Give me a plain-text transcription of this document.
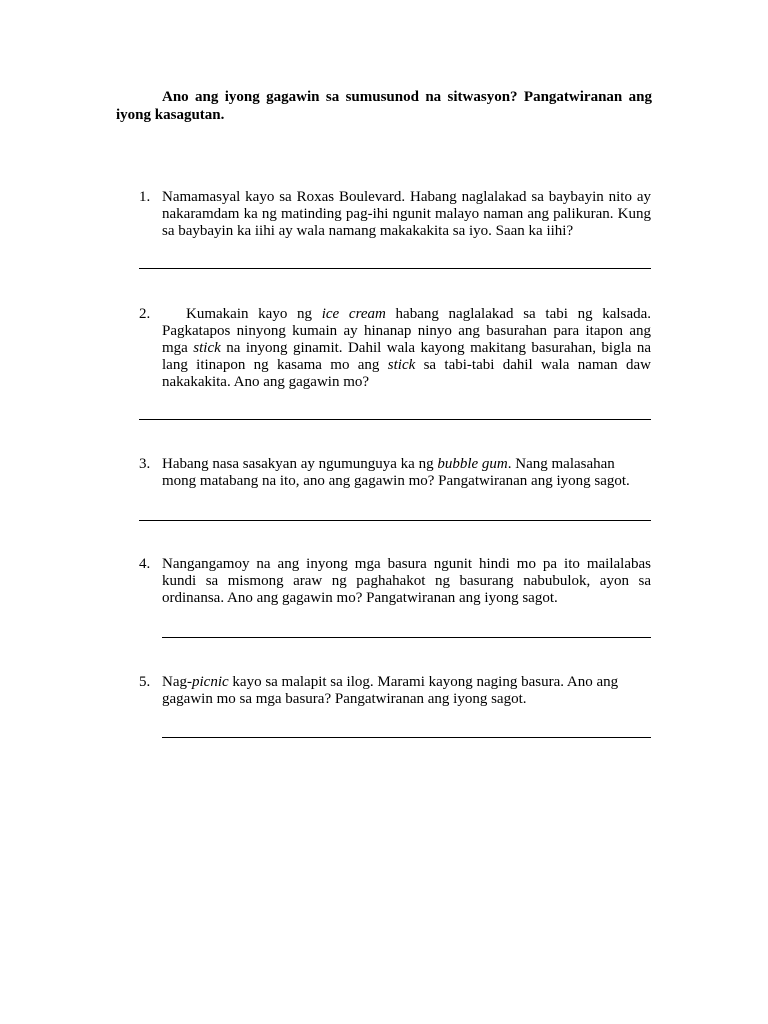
Ano ang iyong gagawin sa sumusunod na sitwasyon? Pangatwiranan ang iyong kasagutan.

1. Namamasyal kayo sa Roxas Boulevard. Habang naglalakad sa baybayin nito ay nakaramdam ka ng matinding pag-ihi ngunit malayo naman ang palikuran. Kung sa baybayin ka iihi ay wala namang makakakita sa iyo. Saan ka iihi?

2.	Kumakain kayo ng ice cream habang naglalakad sa tabi ng kalsada. Pagkatapos ninyong kumain ay hinanap ninyo ang basurahan para itapon ang mga stick na inyong ginamit. Dahil wala kayong makitang basurahan, bigla na lang itinapon ng kasama mo ang stick sa tabi-tabi dahil wala naman daw nakakakita. Ano ang gagawin mo?

3. Habang nasa sasakyan ay ngumunguya ka ng bubble gum. Nang malasahan mong matabang na ito, ano ang gagawin mo? Pangatwiranan ang iyong sagot.

4. Nangangamoy na ang inyong mga basura ngunit hindi mo pa ito mailalabas kundi sa mismong araw ng paghahakot ng basurang nabubulok, ayon sa ordinansa. Ano ang gagawin mo? Pangatwiranan ang iyong sagot.

5. Nag-picnic kayo sa malapit sa ilog. Marami kayong naging basura. Ano ang gagawin mo sa mga basura? Pangatwiranan ang iyong sagot.
